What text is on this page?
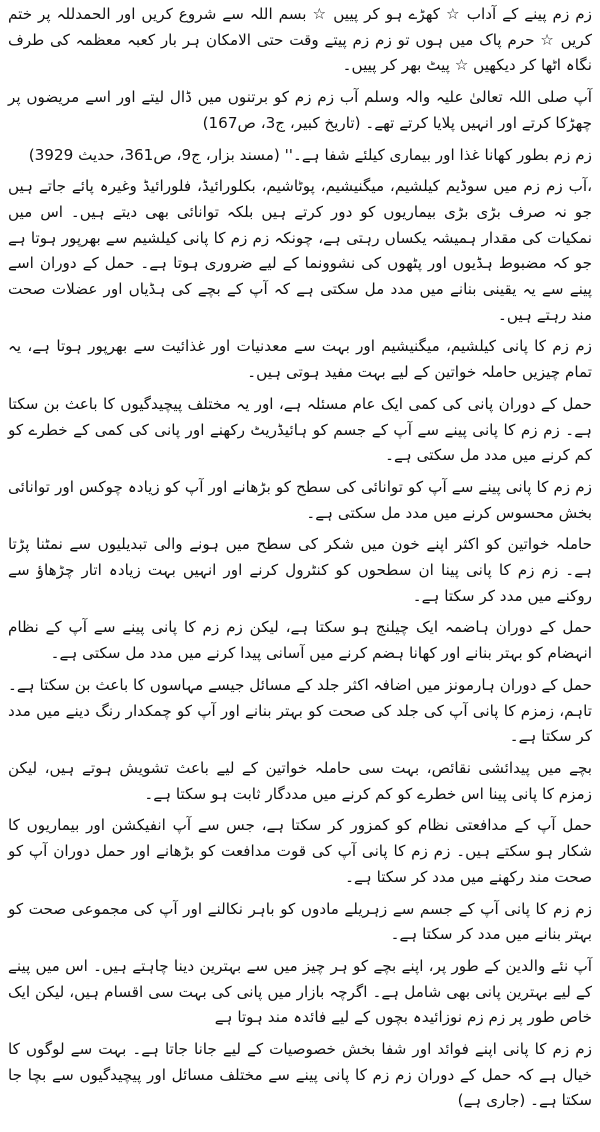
زم زم پینے کے آداب ☆ کھڑے ہو کر پییں ☆ بسم اللہ سے شروع کریں اور الحمدللہ پر ختم کریں ☆ حرم پاک میں ہوں تو زم زم پیتے وقت حتی الامکان ہر بار کعبہ معظمہ کی طرف نگاہ اٹھا کر دیکھیں ☆ پیٹ بھر کر پییں۔

آپ صلی اللہ تعالیٰ علیہ والہ وسلم آب زم زم کو برتنوں میں ڈال لیتے اور اسے مریضوں پر چھڑکا کرتے اور انہیں پلایا کرتے تھے۔ (تاریخ کبیر، ج3، ص167)

زم زم بطور کھانا غذا اور بیماری کیلئے شفا ہے۔'' (مسند بزار، ج9، ص361، حدیث 3929)

،آب زم زم میں سوڈیم کیلشیم، میگنیشیم، پوٹاشیم، بکلورائیڈ، فلورائیڈ وغیرہ پائے جاتے ہیں جو نہ صرف بڑی بڑی بیماریوں کو دور کرتے ہیں بلکہ توانائی بھی دیتے ہیں۔ اس میں نمکیات کی مقدار ہمیشہ یکساں رہتی ہے، چونکہ زم زم کا پانی کیلشیم سے بھرپور ہوتا ہے جو کہ مضبوط ہڈیوں اور پٹھوں کی نشوونما کے لیے ضروری ہوتا ہے۔ حمل کے دوران اسے پینے سے یہ یقینی بنانے میں مدد مل سکتی ہے کہ آپ کے بچے کی ہڈیاں اور عضلات صحت مند رہتے ہیں۔

زم زم کا پانی کیلشیم، میگنیشیم اور بہت سے معدنیات اور غذائیت سے بھرپور ہوتا ہے، یہ تمام چیزیں حاملہ خواتین کے لیے بہت مفید ہوتی ہیں۔

حمل کے دوران پانی کی کمی ایک عام مسئلہ ہے، اور یہ مختلف پیچیدگیوں کا باعث بن سکتا ہے۔ زم زم کا پانی پینے سے آپ کے جسم کو ہائیڈریٹ رکھنے اور پانی کی کمی کے خطرے کو کم کرنے میں مدد مل سکتی ہے۔

زم زم کا پانی پینے سے آپ کو توانائی کی سطح کو بڑھانے اور آپ کو زیادہ چوکس اور توانائی بخش محسوس کرنے میں مدد مل سکتی ہے۔

حاملہ خواتین کو اکثر اپنے خون میں شکر کی سطح میں ہونے والی تبدیلیوں سے نمٹنا پڑتا ہے۔ زم زم کا پانی پینا ان سطحوں کو کنٹرول کرنے اور انہیں بہت زیادہ اتار چڑھاؤ سے روکنے میں مدد کر سکتا ہے۔

حمل کے دوران ہاضمہ ایک چیلنج ہو سکتا ہے، لیکن زم زم کا پانی پینے سے آپ کے نظام انہضام کو بہتر بنانے اور کھانا ہضم کرنے میں آسانی پیدا کرنے میں مدد مل سکتی ہے۔

حمل کے دوران ہارمونز میں اضافہ اکثر جلد کے مسائل جیسے مہاسوں کا باعث بن سکتا ہے۔ تاہم، زمزم کا پانی آپ کی جلد کی صحت کو بہتر بنانے اور آپ کو چمکدار رنگ دینے میں مدد کر سکتا ہے۔

بچے میں پیدائشی نقائص، بہت سی حاملہ خواتین کے لیے باعث تشویش ہوتے ہیں، لیکن زمزم کا پانی پینا اس خطرے کو کم کرنے میں مددگار ثابت ہو سکتا ہے۔

حمل آپ کے مدافعتی نظام کو کمزور کر سکتا ہے، جس سے آپ انفیکشن اور بیماریوں کا شکار ہو سکتے ہیں۔ زم زم کا پانی آپ کی قوت مدافعت کو بڑھانے اور حمل دوران آپ کو صحت مند رکھنے میں مدد کر سکتا ہے۔

زم زم کا پانی آپ کے جسم سے زہریلے مادوں کو باہر نکالنے اور آپ کی مجموعی صحت کو بہتر بنانے میں مدد کر سکتا ہے۔

آپ نئے والدین کے طور پر، اپنے بچے کو ہر چیز میں سے بہترین دینا چاہتے ہیں۔ اس میں پینے کے لیے بہترین پانی بھی شامل ہے۔ اگرچہ بازار میں پانی کی بہت سی اقسام ہیں، لیکن ایک خاص طور پر زم زم نوزائیدہ بچوں کے لیے فائدہ مند ہوتا ہے

زم زم کا پانی اپنے فوائد اور شفا بخش خصوصیات کے لیے جانا جاتا ہے۔ بہت سے لوگوں کا خیال ہے کہ حمل کے دوران زم زم کا پانی پینے سے مختلف مسائل اور پیچیدگیوں سے بچا جا سکتا ہے۔ (جاری ہے)
